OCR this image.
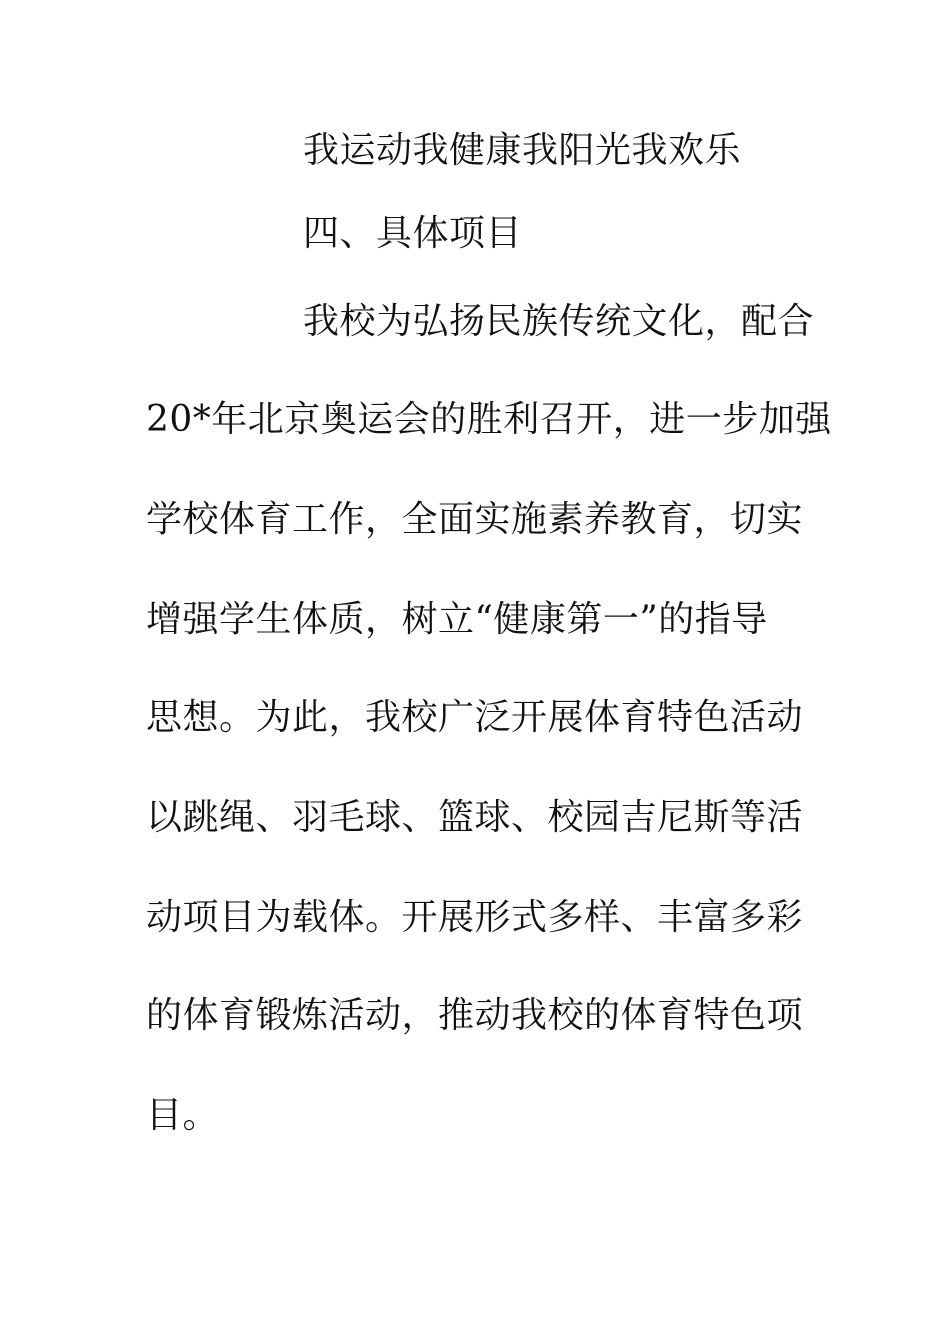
我运动我健康我阳光我欢乐
四、具体项目
我校为弘扬民族传统文化，配合
20*年北京奥运会的胜利召开，进一步加强
学校体育工作，全面实施素养教育，切实
增强学生体质，树立“健康第一”的指导
思想。为此，我校广泛开展体育特色活动
以跳绳、羽毛球、篮球、校园吉尼斯等活
动项目为载体。开展形式多样、丰富多彩
的体育锻炼活动，推动我校的体育特色项
目。
